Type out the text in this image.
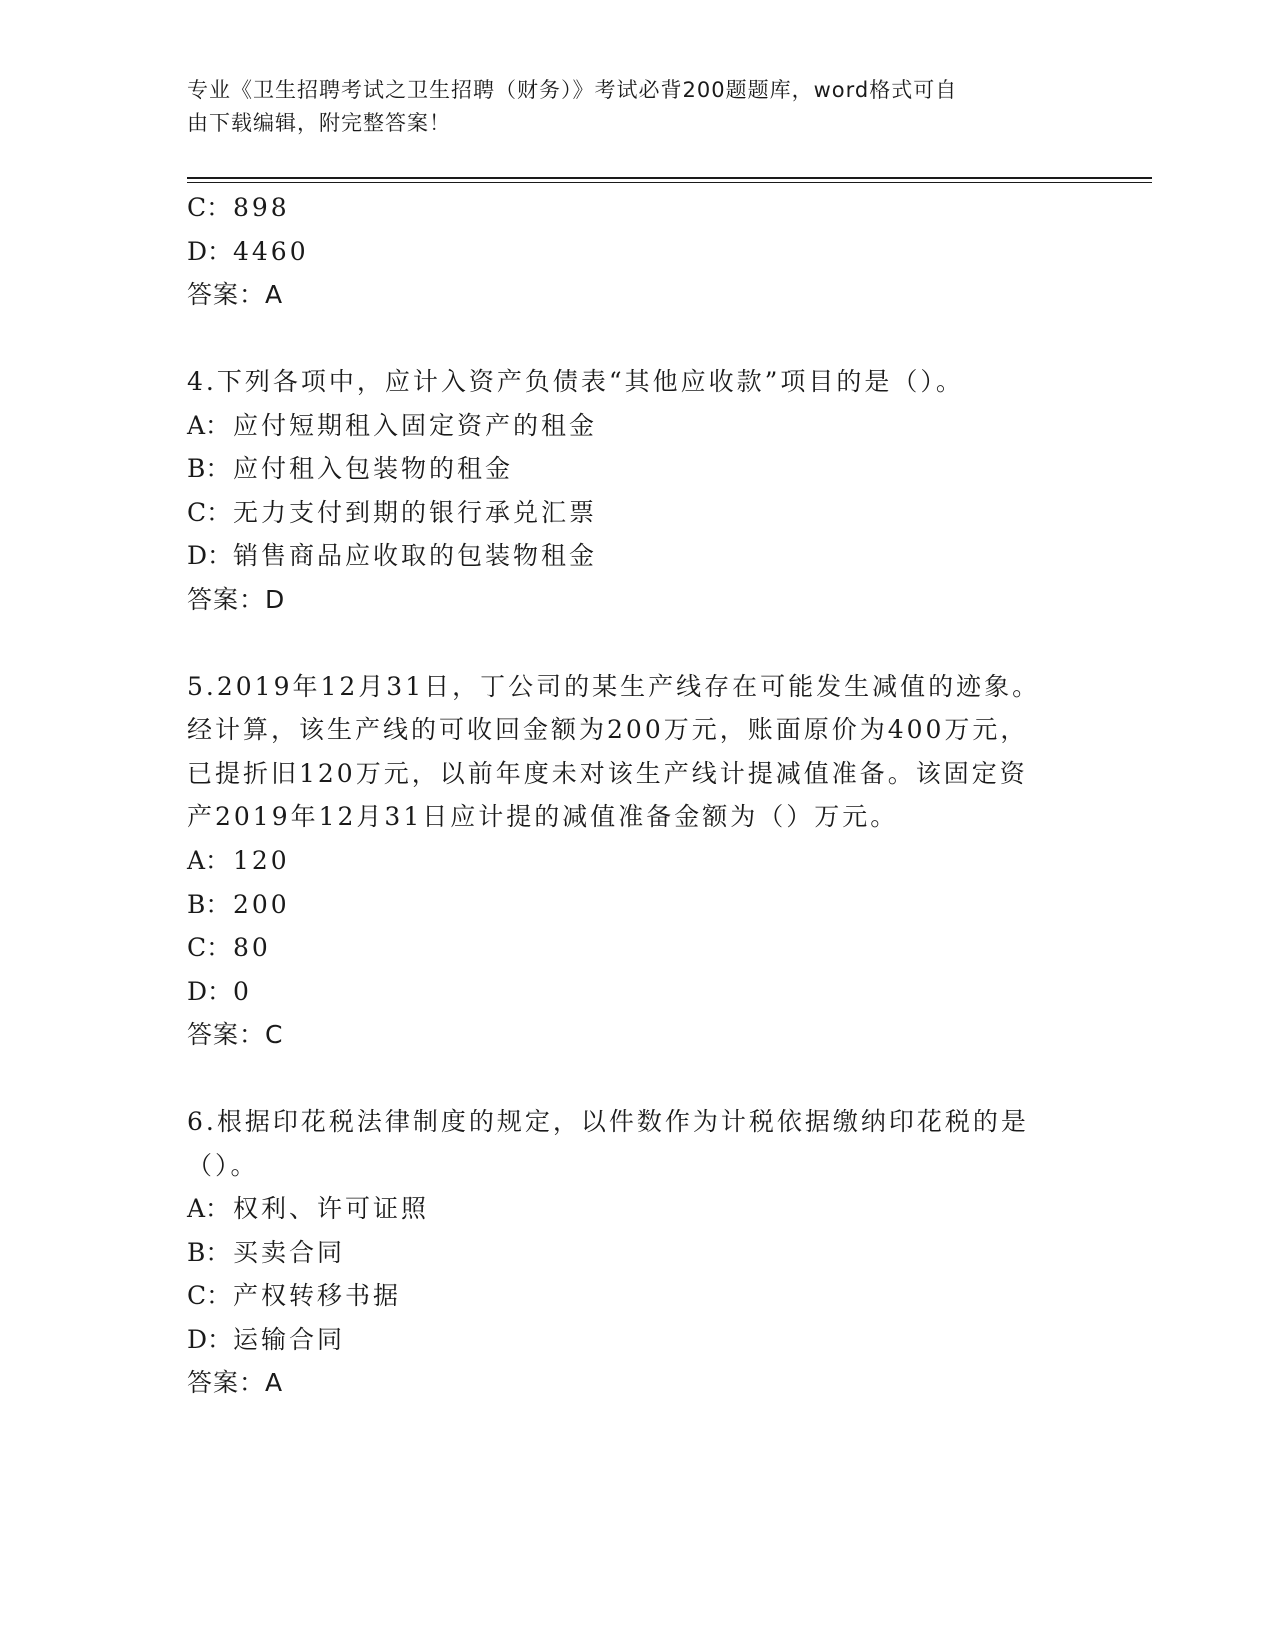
专业《卫生招聘考试之卫生招聘（财务）》考试必背200题题库，word格式可自
由下载编辑，附完整答案！
C：898
D：4460
答案：A
4.下列各项中，应计入资产负债表“其他应收款”项目的是（）。
A： 应付短期租入固定资产的租金
B： 应付租入包装物的租金
C：无力支付到期的银行承兑汇票
D：销售商品应收取的包装物租金
答案：D
5.2019年12月31日，丁公司的某生产线存在可能发生减值的迹象。
经计算，该生产线的可收回金额为200万元，账面原价为400万元，
已提折旧120万元，以前年度未对该生产线计提减值准备。该固定资
产2019年12月31日应计提的减值准备金额为（）万元。
A： 120
B： 200
C：80
D：0
答案：C
6.根据印花税法律制度的规定，以件数作为计税依据缴纳印花税的是
（）。
A： 权利、许可证照
B： 买卖合同
C：产权转移书据
D：运输合同
答案：A
